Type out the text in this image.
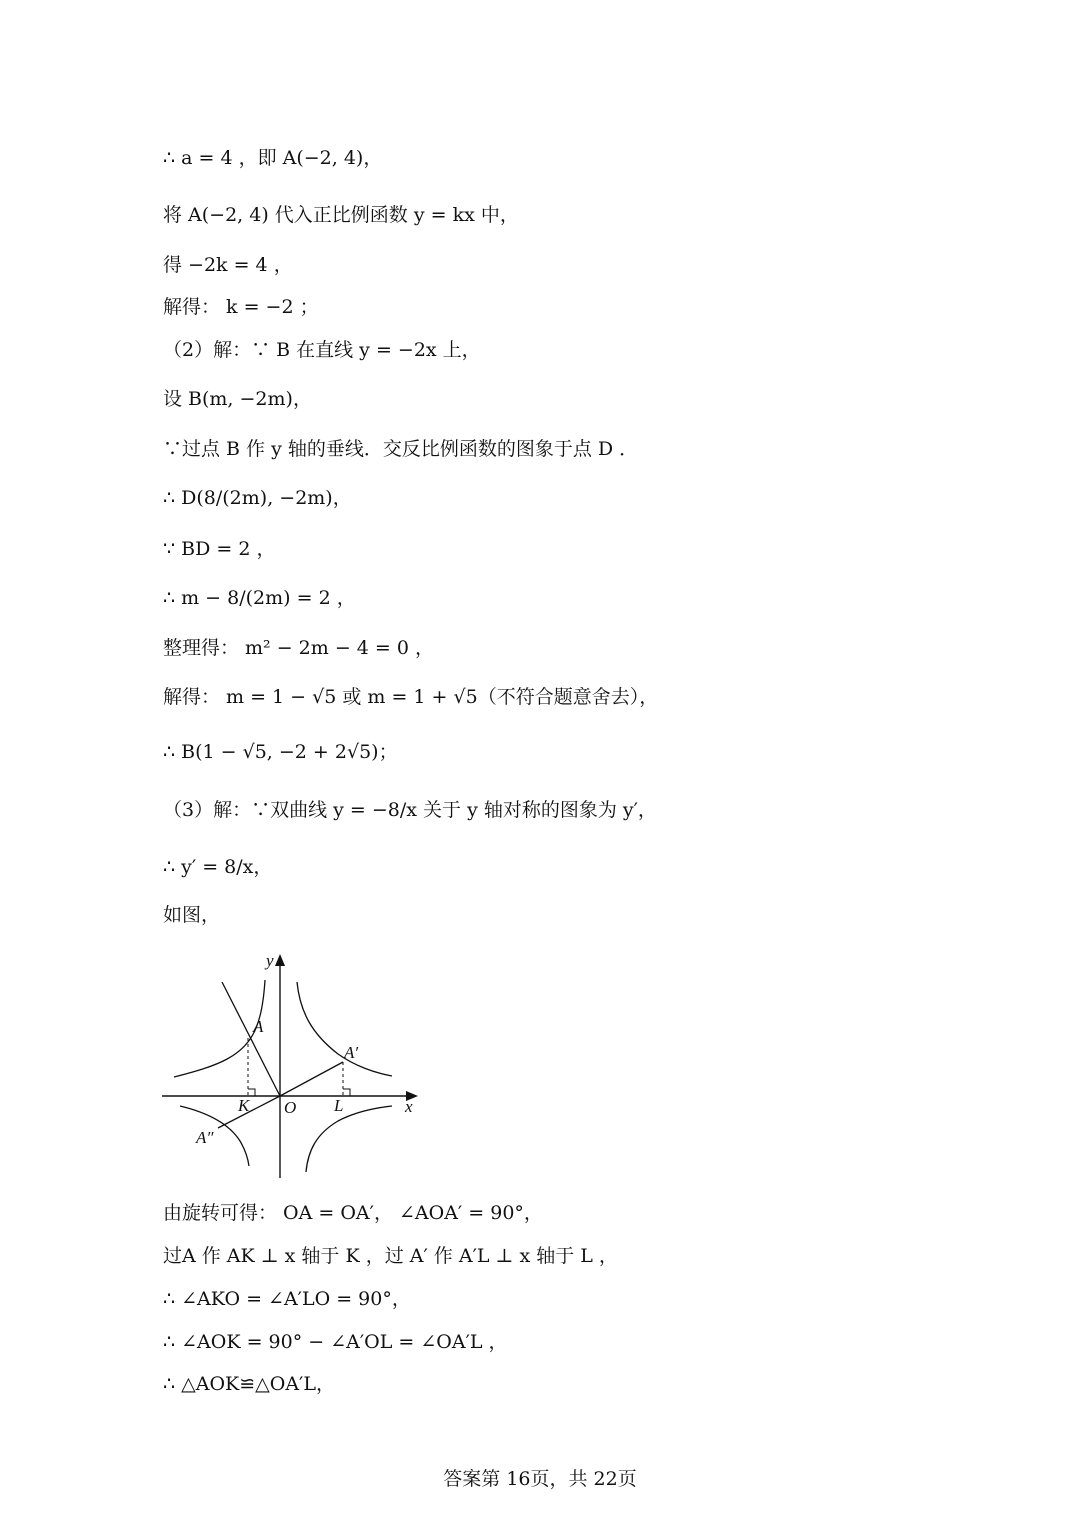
∴ a = 4 ，即 A(−2, 4)，
将 A(−2, 4) 代入正比例函数 y = kx 中，
得 −2k = 4 ，
解得： k = −2 ；
（2）解：∵ B 在直线 y = −2x 上，
设 B(m, −2m)，
∵过点 B 作 y 轴的垂线．交反比例函数的图象于点 D ．
∴ D(8/(2m), −2m)，
∵ BD = 2 ，
∴ m − 8/(2m) = 2 ，
整理得： m² − 2m − 4 = 0 ，
解得： m = 1 − √5 或 m = 1 + √5（不符合题意舍去），
∴ B(1 − √5, −2 + 2√5)；
（3）解：∵双曲线 y = −8/x 关于 y 轴对称的图象为 y′，
∴ y′ = 8/x，
如图，
由旋转可得： OA = OA′， ∠AOA′ = 90°，
过A 作 AK ⊥ x 轴于 K ，过 A′ 作 A′L ⊥ x 轴于 L ，
∴ ∠AKO = ∠A′LO = 90°，
∴ ∠AOK = 90° − ∠A′OL = ∠OA′L ，
∴ △AOK≌△OA′L，
y
x
A
A′
A″
K O L
答案第 16页，共 22页
